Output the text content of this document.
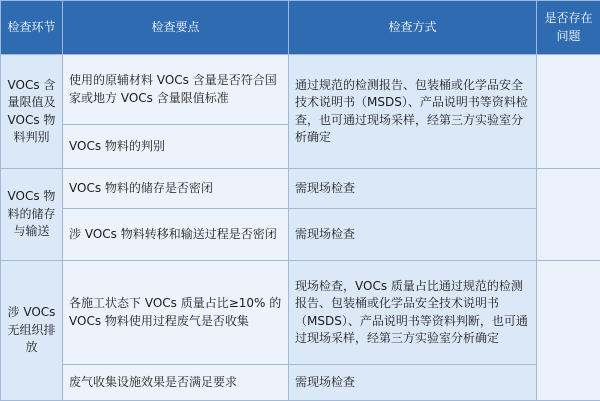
检查环节	检查要点	检查方式	是否存在问题
VOCs 含量限值及 VOCs 物料判别	使用的原辅材料 VOCs 含量是否符合国家或地方 VOCs 含量限值标准	通过规范的检测报告、包装桶或化学品安全技术说明书（MSDS）、产品说明书等资料检查，也可通过现场采样，经第三方实验室分析确定	
	VOCs 物料的判别		
VOCs 物料的储存与输送	VOCs 物料的储存是否密闭	需现场检查	
	涉 VOCs 物料转移和输送过程是否密闭	需现场检查	
涉 VOCs 无组织排放	各施工状态下 VOCs 质量占比≥10% 的 VOCs 物料使用过程废气是否收集	现场检查，VOCs 质量占比通过规范的检测报告、包装桶或化学品安全技术说明书（MSDS）、产品说明书等资料判断，也可通过现场采样，经第三方实验室分析确定	
	废气收集设施效果是否满足要求	需现场检查	
